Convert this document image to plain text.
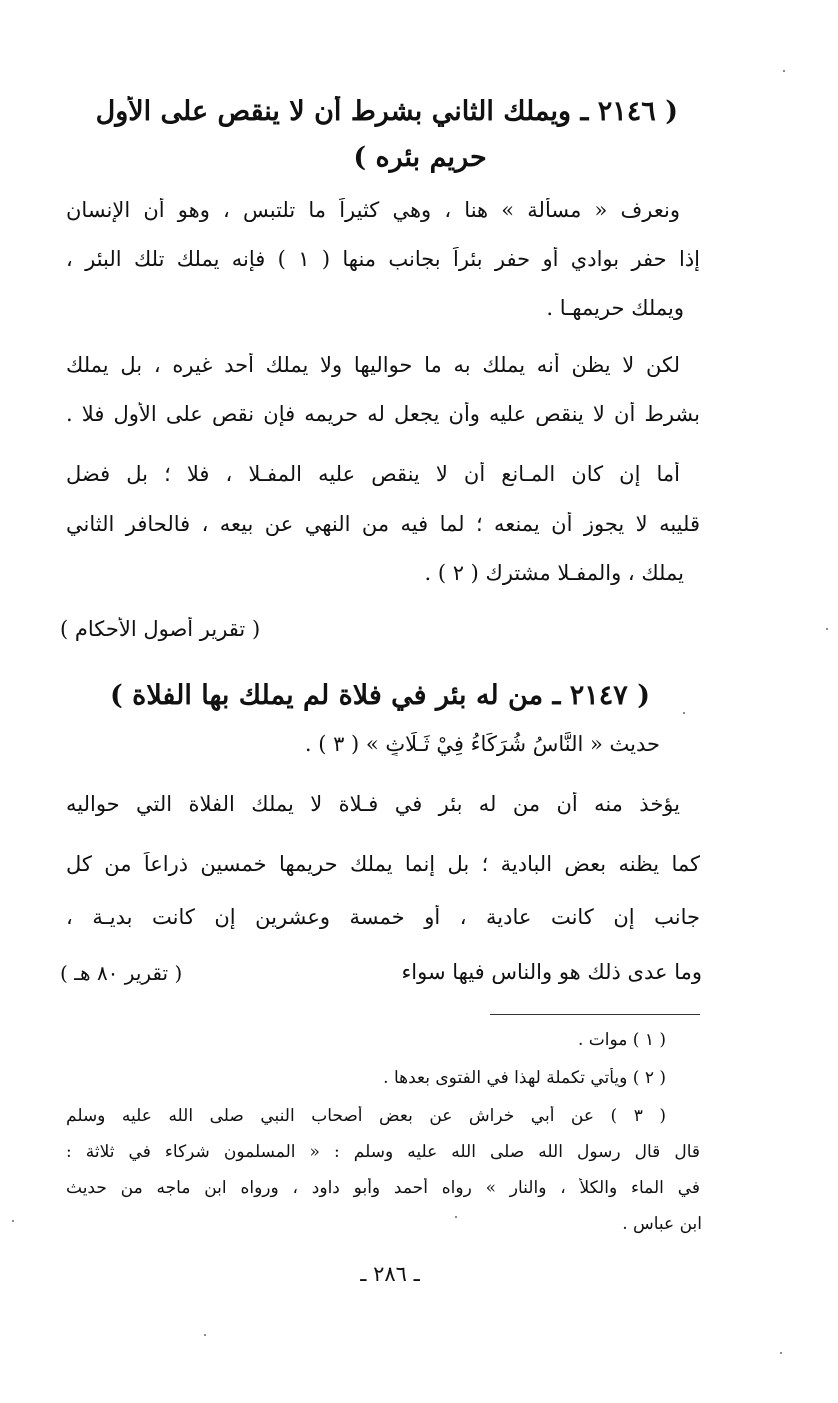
( ٢١٤٦ ـ ويملك الثاني بشرط أن لا ينقص على الأول
حريم بئره )
ونعرف « مسألة » هنا ، وهي كثيراً ما تلتبس ، وهو أن الإنسان
إذا حفر بوادي أو حفر بئراً بجانب منها ( ١ ) فإنه يملك تلك البئر ،
ويملك حريمهـا .
لكن لا يظن أنه يملك به ما حواليها ولا يملك أحد غيره ، بل يملك
بشرط أن لا ينقص عليه وأن يجعل له حريمه فإن نقص على الأول فلا .
أما إن كان المـانع أن لا ينقص عليه المفـلا ، فلا ؛ بل فضل
قليبه لا يجوز أن يمنعه ؛ لما فيه من النهي عن بيعه ، فالحافر الثاني
يملك ، والمفـلا مشترك ( ٢ ) .
( تقرير أصول الأحكام )
( ٢١٤٧ ـ من له بئر في فلاة لم يملك بها الفلاة )
حديث « النَّاسُ شُرَكَاءُ فِيْ ثَـلَاثٍ » ( ٣ ) .
يؤخذ منه أن من له بئر في فـلاة لا يملك الفلاة التي حواليه
كما يظنه بعض البادية ؛ بل إنما يملك حريمها خمسين ذراعاً من كل
جانب إن كانت عادية ، أو خمسة وعشرين إن كانت بديـة ،
وما عدى ذلك هو والناس فيها سواء
( تقرير ٨٠ هـ )
( ١ ) موات .
( ٢ ) ويأتي تكملة لهذا في الفتوى بعدها .
( ٣ ) عن أبي خراش عن بعض أصحاب النبي صلى الله عليه وسلم
قال قال رسول الله صلى الله عليه وسلم : « المسلمون شركاء في ثلاثة :
في الماء والكلأ ، والنار » رواه أحمد وأبو داود ، ورواه ابن ماجه من حديث
ابن عباس .
ـ ٢٨٦ ـ
